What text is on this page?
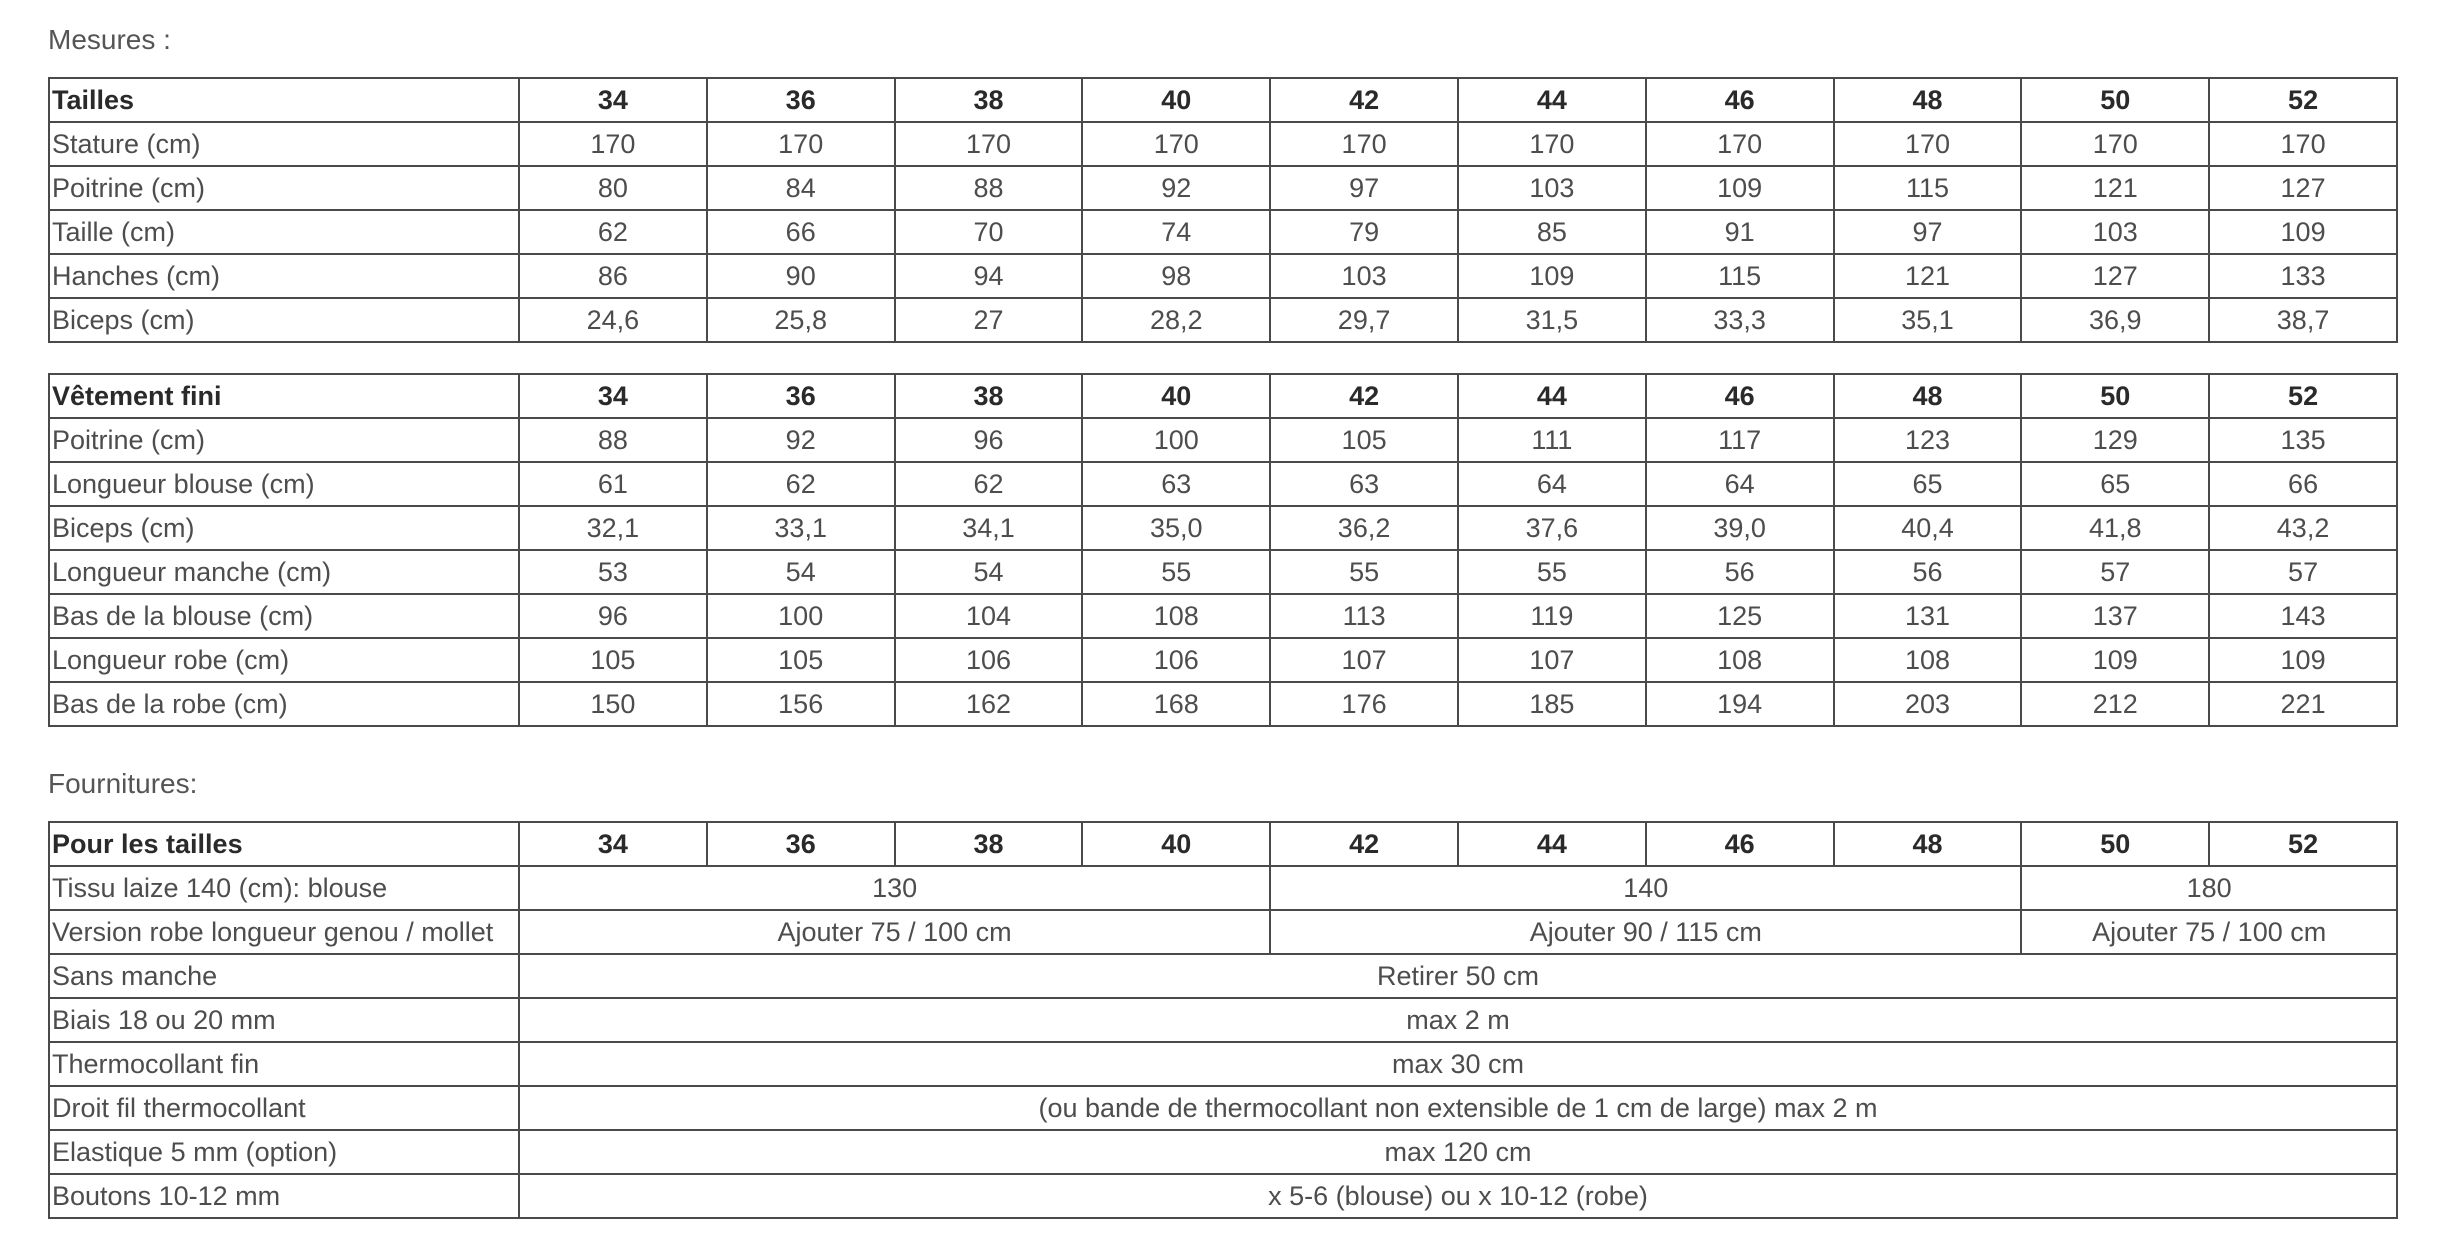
Mesures :
Tailles	34	36	38	40	42	44	46	48	50	52
Stature (cm)	170	170	170	170	170	170	170	170	170	170
Poitrine (cm)	80	84	88	92	97	103	109	115	121	127
Taille (cm)	62	66	70	74	79	85	91	97	103	109
Hanches (cm)	86	90	94	98	103	109	115	121	127	133
Biceps (cm)	24,6	25,8	27	28,2	29,7	31,5	33,3	35,1	36,9	38,7
Vêtement fini	34	36	38	40	42	44	46	48	50	52
Poitrine (cm)	88	92	96	100	105	111	117	123	129	135
Longueur blouse (cm)	61	62	62	63	63	64	64	65	65	66
Biceps (cm)	32,1	33,1	34,1	35,0	36,2	37,6	39,0	40,4	41,8	43,2
Longueur manche (cm)	53	54	54	55	55	55	56	56	57	57
Bas de la blouse (cm)	96	100	104	108	113	119	125	131	137	143
Longueur robe (cm)	105	105	106	106	107	107	108	108	109	109
Bas de la robe (cm)	150	156	162	168	176	185	194	203	212	221
Fournitures:
Pour les tailles	34	36	38	40	42	44	46	48	50	52
Tissu laize 140 (cm): blouse	130				140				180	
Version robe longueur genou / mollet	Ajouter 75 / 100 cm				Ajouter 90 / 115 cm				Ajouter 75 / 100 cm	
Sans manche	Retirer 50 cm									
Biais 18 ou 20 mm	max 2 m									
Thermocollant fin	max 30 cm									
Droit fil thermocollant	(ou bande de thermocollant non extensible de 1 cm de large) max 2 m									
Elastique 5 mm (option)	max 120 cm									
Boutons 10-12 mm	x 5-6 (blouse) ou x 10-12 (robe)									
